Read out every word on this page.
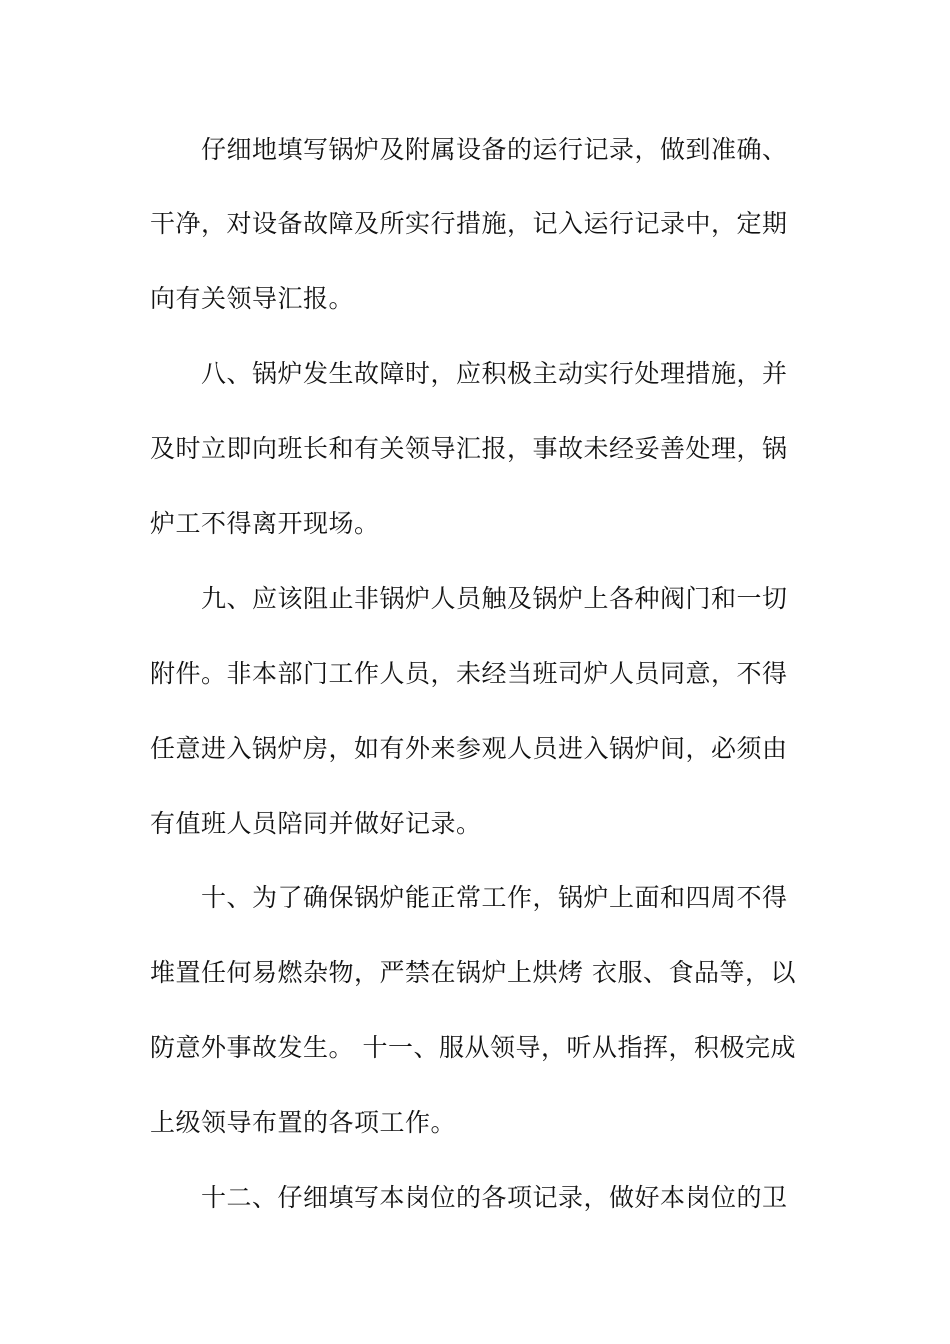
仔细地填写锅炉及附属设备的运行记录，做到准确、
干净，对设备故障及所实行措施，记入运行记录中，定期
向有关领导汇报。
八、锅炉发生故障时，应积极主动实行处理措施，并
及时立即向班长和有关领导汇报，事故未经妥善处理，锅
炉工不得离开现场。
九、应该阻止非锅炉人员触及锅炉上各种阀门和一切
附件。非本部门工作人员，未经当班司炉人员同意，不得
任意进入锅炉房，如有外来参观人员进入锅炉间，必须由
有值班人员陪同并做好记录。
十、为了确保锅炉能正常工作，锅炉上面和四周不得
堆置任何易燃杂物，严禁在锅炉上烘烤 衣服、食品等，以
防意外事故发生。 十一、服从领导，听从指挥，积极完成
上级领导布置的各项工作。
十二、仔细填写本岗位的各项记录，做好本岗位的卫
